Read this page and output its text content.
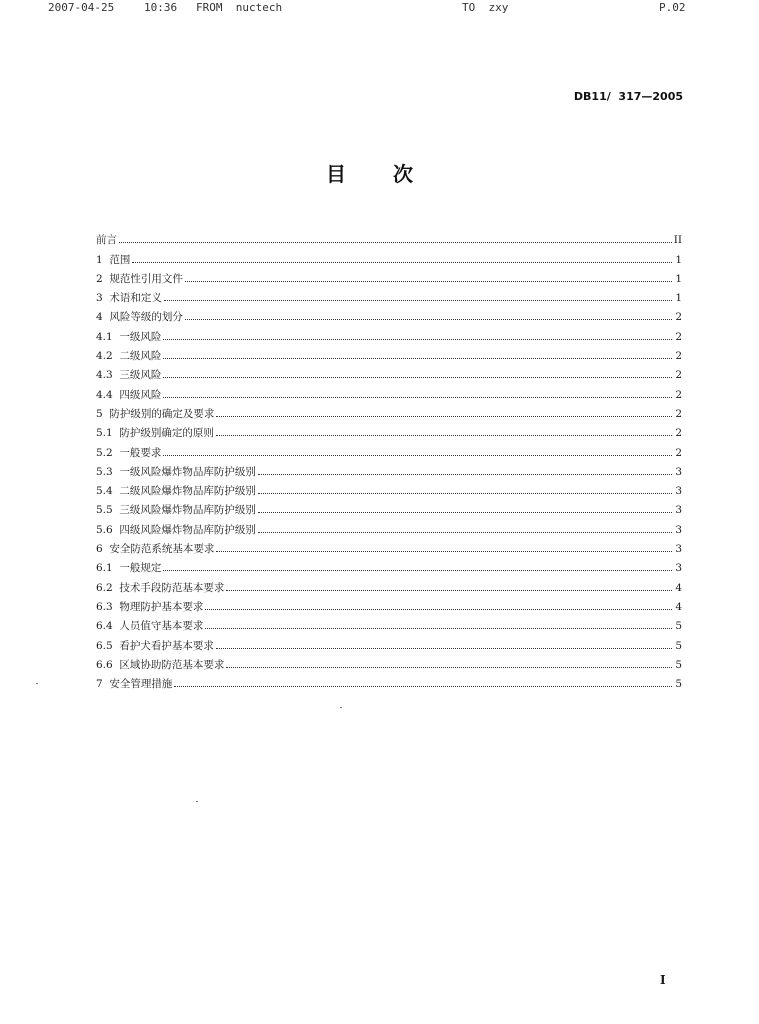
2007-04-25	10:36 FROM  nuctech	TO  zxy	P.02
DB11/  317—2005
目 次
前言	II
1  范围	1
2  规范性引用文件	1
3  术语和定义	1
4  风险等级的划分	2
4.1  一级风险	2
4.2  二级风险	2
4.3  三级风险	2
4.4  四级风险	2
5  防护级别的确定及要求	2
5.1  防护级别确定的原则	2
5.2  一般要求	2
5.3  一级风险爆炸物品库防护级别	3
5.4  二级风险爆炸物品库防护级别	3
5.5  三级风险爆炸物品库防护级别	3
5.6  四级风险爆炸物品库防护级别	3
6  安全防范系统基本要求	3
6.1  一般规定	3
6.2  技术手段防范基本要求	4
6.3  物理防护基本要求	4
6.4  人员值守基本要求	5
6.5  看护犬看护基本要求	5
6.6  区域协助防范基本要求	5
7  安全管理措施	5
I
